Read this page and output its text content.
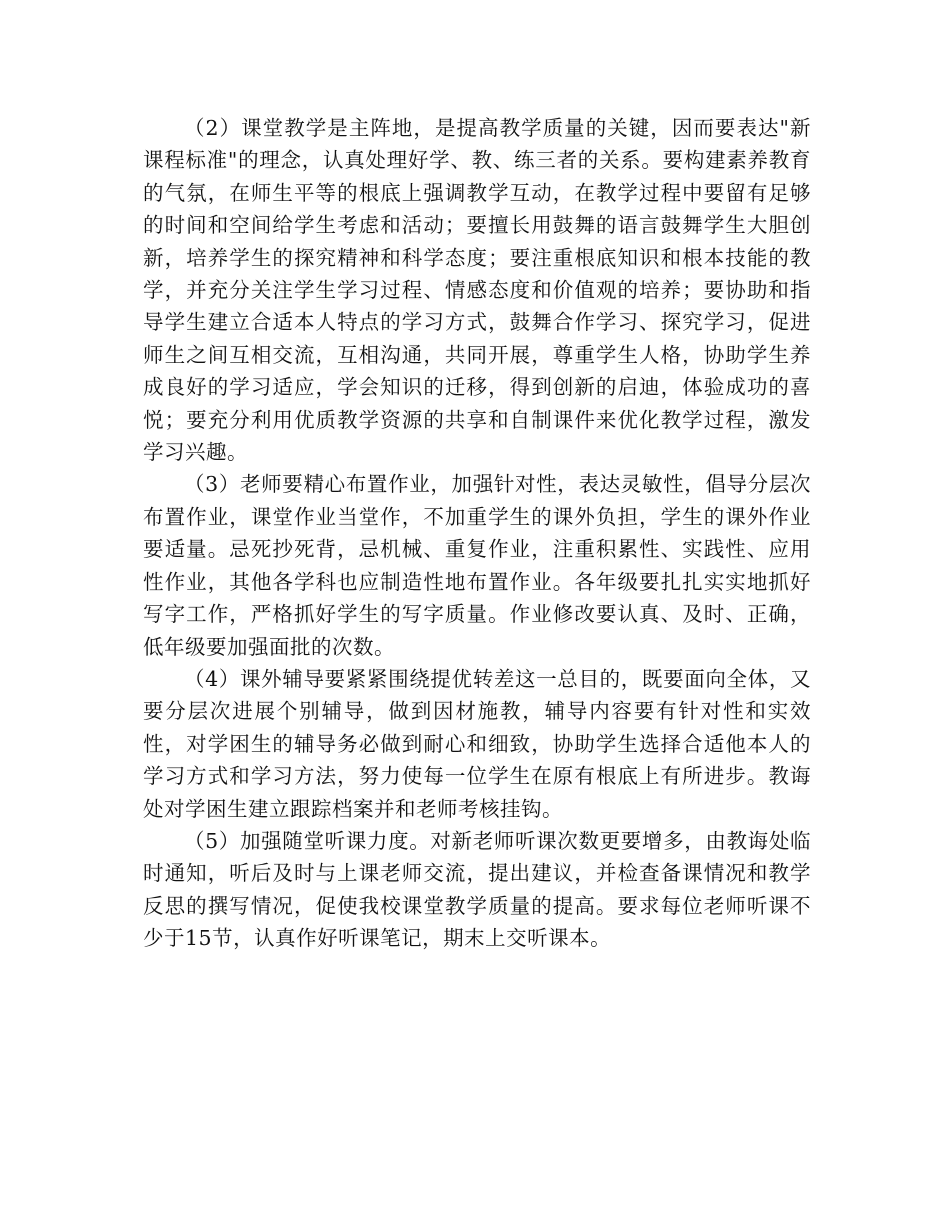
（2）课堂教学是主阵地，是提高教学质量的关键，因而要表达"新课程标准"的理念，认真处理好学、教、练三者的关系。要构建素养教育的气氛，在师生平等的根底上强调教学互动，在教学过程中要留有足够的时间和空间给学生考虑和活动；要擅长用鼓舞的语言鼓舞学生大胆创新，培养学生的探究精神和科学态度；要注重根底知识和根本技能的教学，并充分关注学生学习过程、情感态度和价值观的培养；要协助和指导学生建立合适本人特点的学习方式，鼓舞合作学习、探究学习，促进师生之间互相交流，互相沟通，共同开展，尊重学生人格，协助学生养成良好的学习适应，学会知识的迁移，得到创新的启迪，体验成功的喜悦；要充分利用优质教学资源的共享和自制课件来优化教学过程，激发学习兴趣。

（3）老师要精心布置作业，加强针对性，表达灵敏性，倡导分层次布置作业，课堂作业当堂作，不加重学生的课外负担，学生的课外作业要适量。忌死抄死背，忌机械、重复作业，注重积累性、实践性、应用性作业，其他各学科也应制造性地布置作业。各年级要扎扎实实地抓好写字工作，严格抓好学生的写字质量。作业修改要认真、及时、正确，低年级要加强面批的次数。

（4）课外辅导要紧紧围绕提优转差这一总目的，既要面向全体，又要分层次进展个别辅导，做到因材施教，辅导内容要有针对性和实效性，对学困生的辅导务必做到耐心和细致，协助学生选择合适他本人的学习方式和学习方法，努力使每一位学生在原有根底上有所进步。教诲处对学困生建立跟踪档案并和老师考核挂钩。

（5）加强随堂听课力度。对新老师听课次数更要增多，由教诲处临时通知，听后及时与上课老师交流，提出建议，并检查备课情况和教学反思的撰写情况，促使我校课堂教学质量的提高。要求每位老师听课不少于15节，认真作好听课笔记，期末上交听课本。
